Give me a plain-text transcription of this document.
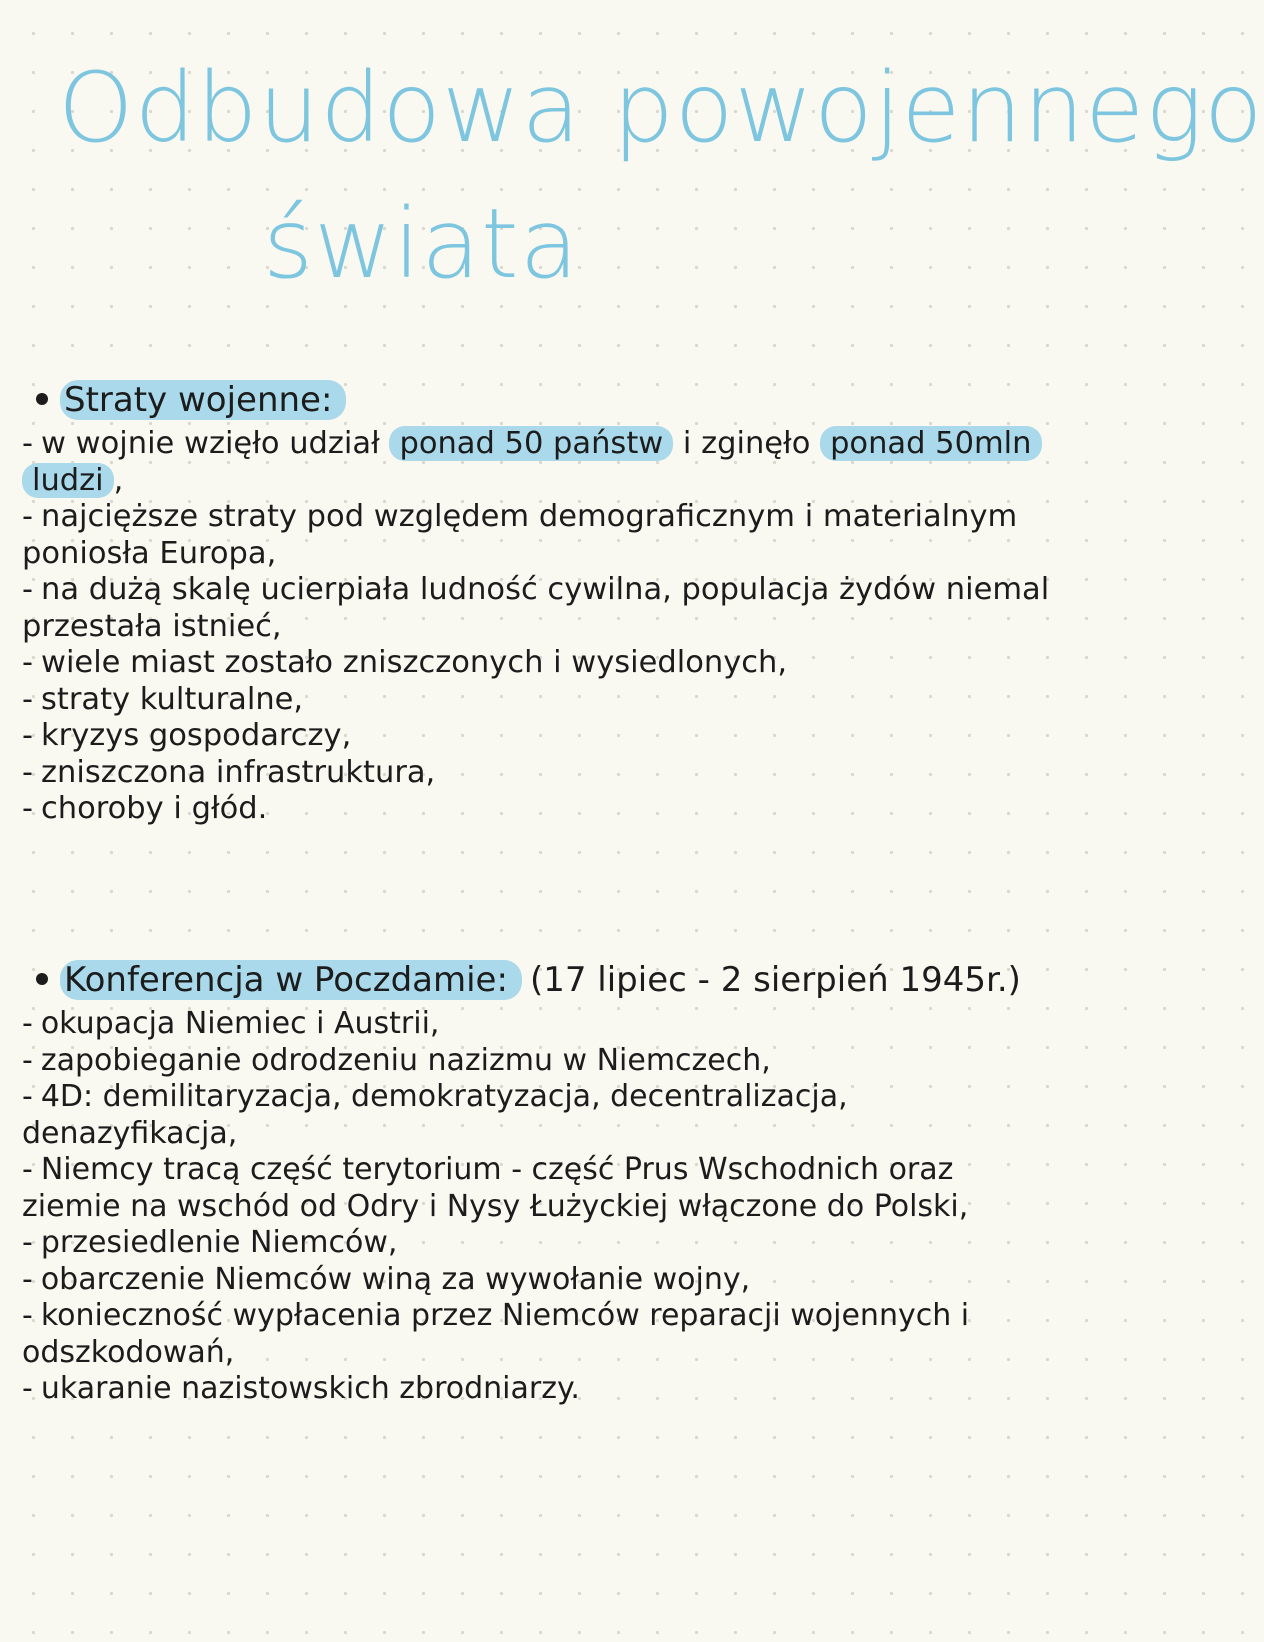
Odbudowa powojennego
świata
Straty wojenne:
- w wojnie wzięło udział ponad 50 państw i zginęło ponad 50mln ludzi ,
- najcięższe straty pod względem demograficznym i materialnym poniosła Europa,
- na dużą skalę ucierpiała ludność cywilna, populacja żydów niemal przestała istnieć,
- wiele miast zostało zniszczonych i wysiedlonych,
- straty kulturalne,
- kryzys gospodarczy,
- zniszczona infrastruktura,
- choroby i głód.
Konferencja w Poczdamie: (17 lipiec - 2 sierpień 1945r.)
- okupacja Niemiec i Austrii,
- zapobieganie odrodzeniu nazizmu w Niemczech,
- 4D: demilitaryzacja, demokratyzacja, decentralizacja, denazyfikacja,
- Niemcy tracą część terytorium - część Prus Wschodnich oraz ziemie na wschód od Odry i Nysy Łużyckiej włączone do Polski,
- przesiedlenie Niemców,
- obarczenie Niemców winą za wywołanie wojny,
- konieczność wypłacenia przez Niemców reparacji wojennych i odszkodowań,
- ukaranie nazistowskich zbrodniarzy.
